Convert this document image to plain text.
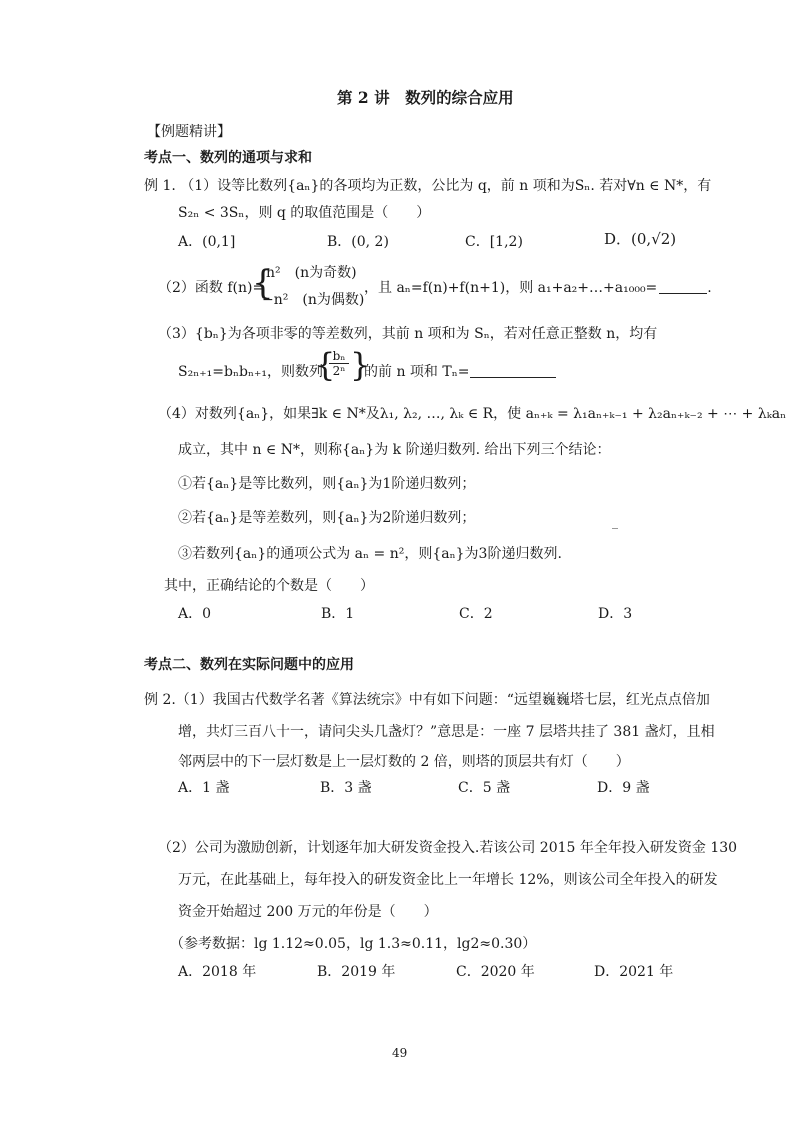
第 2 讲　数列的综合应用
【例题精讲】
考点一、数列的通项与求和
例 1. （1）设等比数列{aₙ}的各项均为正数，公比为 q，前 n 项和为Sₙ. 若对∀n ∈ N*，有
S₂ₙ < 3Sₙ，则 q 的取值范围是（　　）
A．(0,1]	B．(0, 2)	C．[1,2)	D．(0,√2)
（2）函数 f(n)=
{
n²　(n为奇数)
−n²　(n为偶数)
，且 aₙ=f(n)+f(n+1)，则 a₁+a₂+…+a₁₀₀₀=	.
（3）{bₙ}为各项非零的等差数列，其前 n 项和为 Sₙ，若对任意正整数 n，均有
S₂ₙ₊₁=bₙbₙ₊₁，则数列
{
$\frac{\text{bₙ}}{\text{2ⁿ}}$ }
的前 n 项和 Tₙ=
（4）对数列{aₙ}，如果∃k ∈ N*及λ₁, λ₂, …, λₖ ∈ R，使 aₙ₊ₖ = λ₁aₙ₊ₖ₋₁ + λ₂aₙ₊ₖ₋₂ + ⋯ + λₖaₙ
成立，其中 n ∈ N*，则称{aₙ}为 k 阶递归数列. 给出下列三个结论：
①若{aₙ}是等比数列，则{aₙ}为1阶递归数列；
②若{aₙ}是等差数列，则{aₙ}为2阶递归数列；
③若数列{aₙ}的通项公式为 aₙ = n²，则{aₙ}为3阶递归数列.
其中，正确结论的个数是（　　）
A．0	B．1	C．2	D．3
考点二、数列在实际问题中的应用
例 2.（1）我国古代数学名著《算法统宗》中有如下问题：“远望巍巍塔七层，红光点点倍加
增，共灯三百八十一，请问尖头几盏灯？”意思是：一座 7 层塔共挂了 381 盏灯，且相
邻两层中的下一层灯数是上一层灯数的 2 倍，则塔的顶层共有灯（　　）
A．1 盏	B．3 盏	C．5 盏	D．9 盏
（2）公司为激励创新，计划逐年加大研发资金投入.若该公司 2015 年全年投入研发资金 130
万元，在此基础上，每年投入的研发资金比上一年增长 12%，则该公司全年投入的研发
资金开始超过 200 万元的年份是（　　）
（参考数据：lg 1.12≈0.05，lg 1.3≈0.11，lg2≈0.30）
A．2018 年	B．2019 年	C．2020 年	D．2021 年
49
